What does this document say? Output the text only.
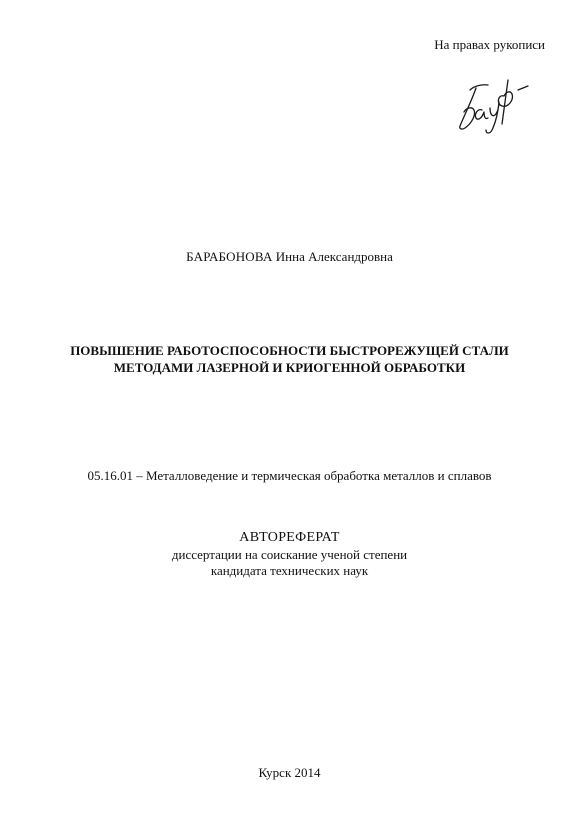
На правах рукописи
БАРАБОНОВА Инна Александровна
ПОВЫШЕНИЕ РАБОТОСПОСОБНОСТИ БЫСТРОРЕЖУЩЕЙ СТАЛИ
МЕТОДАМИ ЛАЗЕРНОЙ И КРИОГЕННОЙ ОБРАБОТКИ
05.16.01 – Металловедение и термическая обработка металлов и сплавов
АВТОРЕФЕРАТ
диссертации на соискание ученой степени
кандидата технических наук
Курск 2014
